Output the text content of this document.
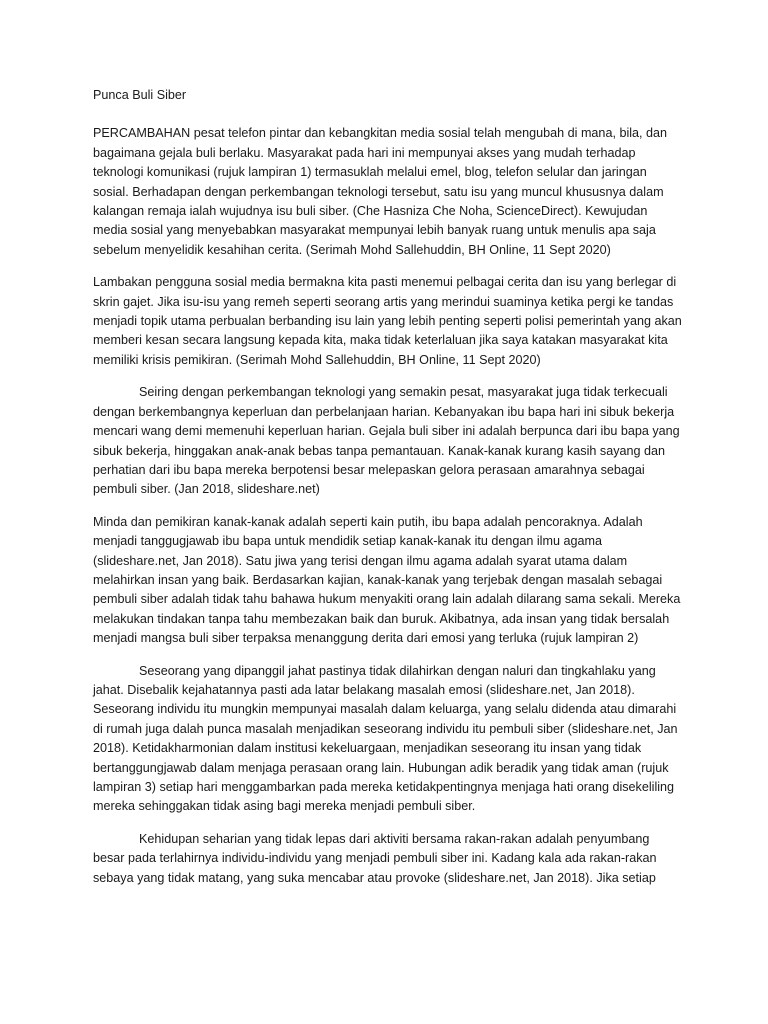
Punca Buli Siber

PERCAMBAHAN pesat telefon pintar dan kebangkitan media sosial telah mengubah di mana, bila, dan bagaimana gejala buli berlaku. Masyarakat pada hari ini mempunyai akses yang mudah terhadap teknologi komunikasi (rujuk lampiran 1) termasuklah melalui emel, blog, telefon selular dan jaringan sosial. Berhadapan dengan perkembangan teknologi tersebut, satu isu yang muncul khususnya dalam kalangan remaja ialah wujudnya isu buli siber. (Che Hasniza Che Noha, ScienceDirect). Kewujudan media sosial yang menyebabkan masyarakat mempunyai lebih banyak ruang untuk menulis apa saja sebelum menyelidik kesahihan cerita. (Serimah Mohd Sallehuddin, BH Online, 11 Sept 2020)

Lambakan pengguna sosial media bermakna kita pasti menemui pelbagai cerita dan isu yang berlegar di skrin gajet. Jika isu-isu yang remeh seperti seorang artis yang merindui suaminya ketika pergi ke tandas menjadi topik utama perbualan berbanding isu lain yang lebih penting seperti polisi pemerintah yang akan memberi kesan secara langsung kepada kita, maka tidak keterlaluan jika saya katakan masyarakat kita memiliki krisis pemikiran. (Serimah Mohd Sallehuddin, BH Online, 11 Sept 2020)

Seiring dengan perkembangan teknologi yang semakin pesat, masyarakat juga tidak terkecuali dengan berkembangnya keperluan dan perbelanjaan harian. Kebanyakan ibu bapa hari ini sibuk bekerja mencari wang demi memenuhi keperluan harian. Gejala buli siber ini adalah berpunca dari ibu bapa yang sibuk bekerja, hinggakan anak-anak bebas tanpa pemantauan. Kanak-kanak kurang kasih sayang dan perhatian dari ibu bapa mereka berpotensi besar melepaskan gelora perasaan amarahnya sebagai pembuli siber. (Jan 2018, slideshare.net)

Minda dan pemikiran kanak-kanak adalah seperti kain putih, ibu bapa adalah pencoraknya. Adalah menjadi tanggugjawab ibu bapa untuk mendidik setiap kanak-kanak itu dengan ilmu agama (slideshare.net, Jan 2018). Satu jiwa yang terisi dengan ilmu agama adalah syarat utama dalam melahirkan insan yang baik. Berdasarkan kajian, kanak-kanak yang terjebak dengan masalah sebagai pembuli siber adalah tidak tahu bahawa hukum menyakiti orang lain adalah dilarang sama sekali. Mereka melakukan tindakan tanpa tahu membezakan baik dan buruk. Akibatnya, ada insan yang tidak bersalah menjadi mangsa buli siber terpaksa menanggung derita dari emosi yang terluka (rujuk lampiran 2)

Seseorang yang dipanggil jahat pastinya tidak dilahirkan dengan naluri dan tingkahlaku yang jahat. Disebalik kejahatannya pasti ada latar belakang masalah emosi (slideshare.net, Jan 2018). Seseorang individu itu mungkin mempunyai masalah dalam keluarga, yang selalu didenda atau dimarahi di rumah juga dalah punca masalah menjadikan seseorang individu itu pembuli siber (slideshare.net, Jan 2018). Ketidakharmonian dalam institusi kekeluargaan, menjadikan seseorang itu insan yang tidak bertanggungjawab dalam menjaga perasaan orang lain. Hubungan adik beradik yang tidak aman (rujuk lampiran 3) setiap hari menggambarkan pada mereka ketidakpentingnya menjaga hati orang disekeliling mereka sehinggakan tidak asing bagi mereka menjadi pembuli siber.

Kehidupan seharian yang tidak lepas dari aktiviti bersama rakan-rakan adalah penyumbang besar pada terlahirnya individu-individu yang menjadi pembuli siber ini. Kadang kala ada rakan-rakan sebaya yang tidak matang, yang suka mencabar atau provoke (slideshare.net, Jan 2018). Jika setiap
